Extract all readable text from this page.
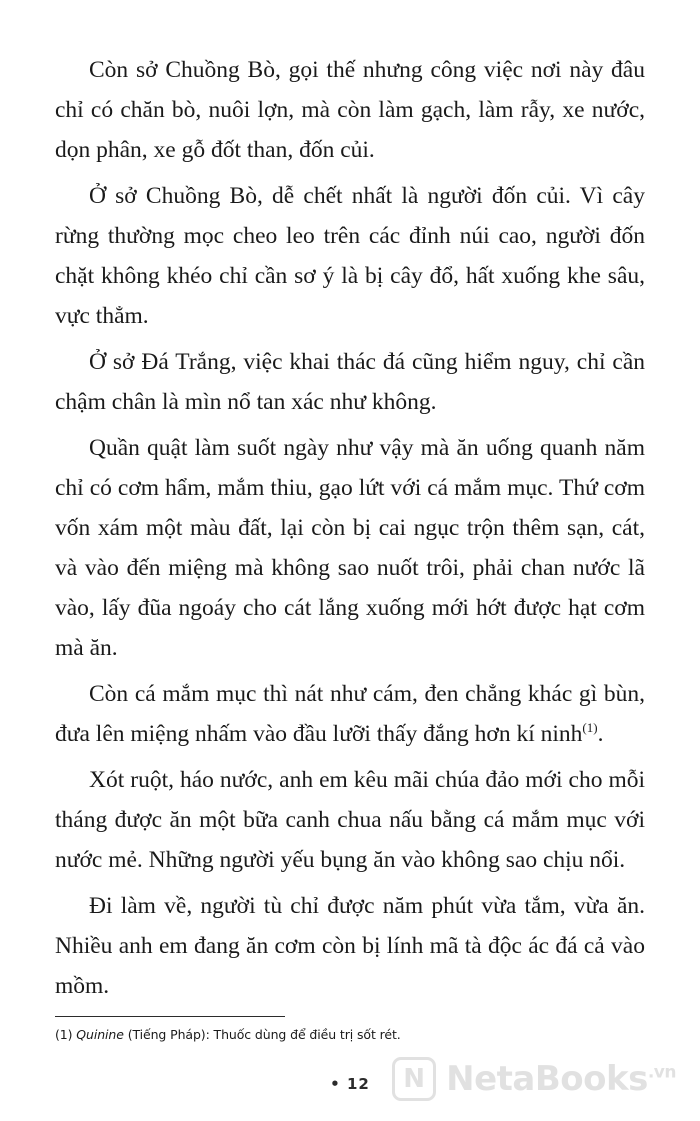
Còn sở Chuồng Bò, gọi thế nhưng công việc nơi này đâu chỉ có chăn bò, nuôi lợn, mà còn làm gạch, làm rẫy, xe nước, dọn phân, xe gỗ đốt than, đốn củi.

Ở sở Chuồng Bò, dễ chết nhất là người đốn củi. Vì cây rừng thường mọc cheo leo trên các đỉnh núi cao, người đốn chặt không khéo chỉ cần sơ ý là bị cây đổ, hất xuống khe sâu, vực thẳm.

Ở sở Đá Trắng, việc khai thác đá cũng hiểm nguy, chỉ cần chậm chân là mìn nổ tan xác như không.

Quần quật làm suốt ngày như vậy mà ăn uống quanh năm chỉ có cơm hẩm, mắm thiu, gạo lứt với cá mắm mục. Thứ cơm vốn xám một màu đất, lại còn bị cai ngục trộn thêm sạn, cát, và vào đến miệng mà không sao nuốt trôi, phải chan nước lã vào, lấy đũa ngoáy cho cát lắng xuống mới hớt được hạt cơm mà ăn.

Còn cá mắm mục thì nát như cám, đen chẳng khác gì bùn, đưa lên miệng nhấm vào đầu lưỡi thấy đắng hơn kí ninh$^{(1)}$.

Xót ruột, háo nước, anh em kêu mãi chúa đảo mới cho mỗi tháng được ăn một bữa canh chua nấu bằng cá mắm mục với nước mẻ. Những người yếu bụng ăn vào không sao chịu nổi.

Đi làm về, người tù chỉ được năm phút vừa tắm, vừa ăn. Nhiều anh em đang ăn cơm còn bị lính mã tà độc ác đá cả vào mồm.

(1) Quinine (Tiếng Pháp): Thuốc dùng để điều trị sốt rét.
• 12	N NetaBooks$^{.vn}$
